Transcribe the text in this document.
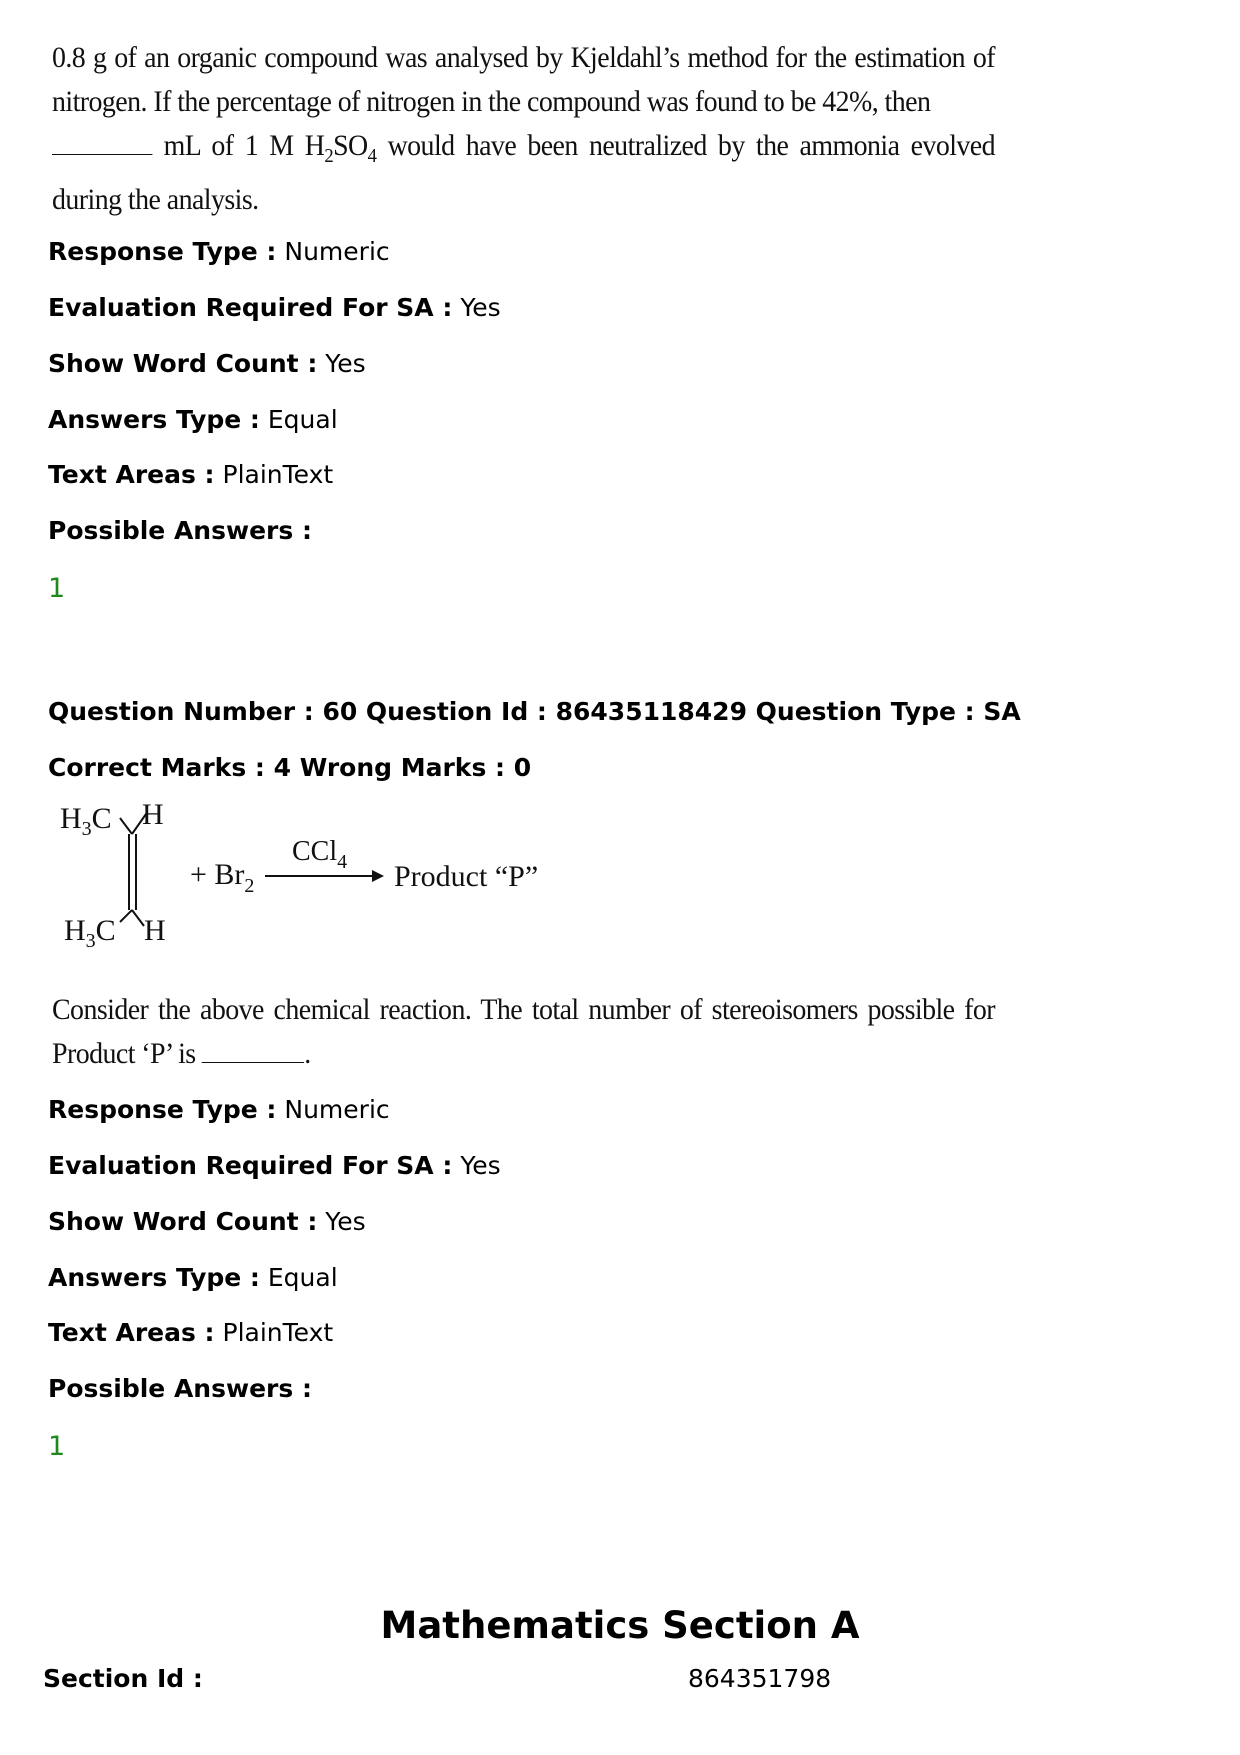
0.8 g of an organic compound was analysed by Kjeldahl’s method for the estimation of nitrogen. If the percentage of nitrogen in the compound was found to be 42%, then
mL of 1 M $H_2SO_4$ would have been neutralized by the ammonia evolved during the analysis.
Response Type : Numeric
Evaluation Required For SA : Yes
Show Word Count : Yes
Answers Type : Equal
Text Areas : PlainText
Possible Answers :
1
Question Number : 60 Question Id : 86435118429 Question Type : SA
Correct Marks : 4 Wrong Marks : 0
$H_3C$ H
$H_3C$ H
+ $Br_2$
CCl$_4$ Product “P”
Consider the above chemical reaction. The total number of stereoisomers possible for Product ‘P’ is	.
Response Type : Numeric
Evaluation Required For SA : Yes
Show Word Count : Yes
Answers Type : Equal
Text Areas : PlainText
Possible Answers :
1
Mathematics Section A
Section Id :	864351798
